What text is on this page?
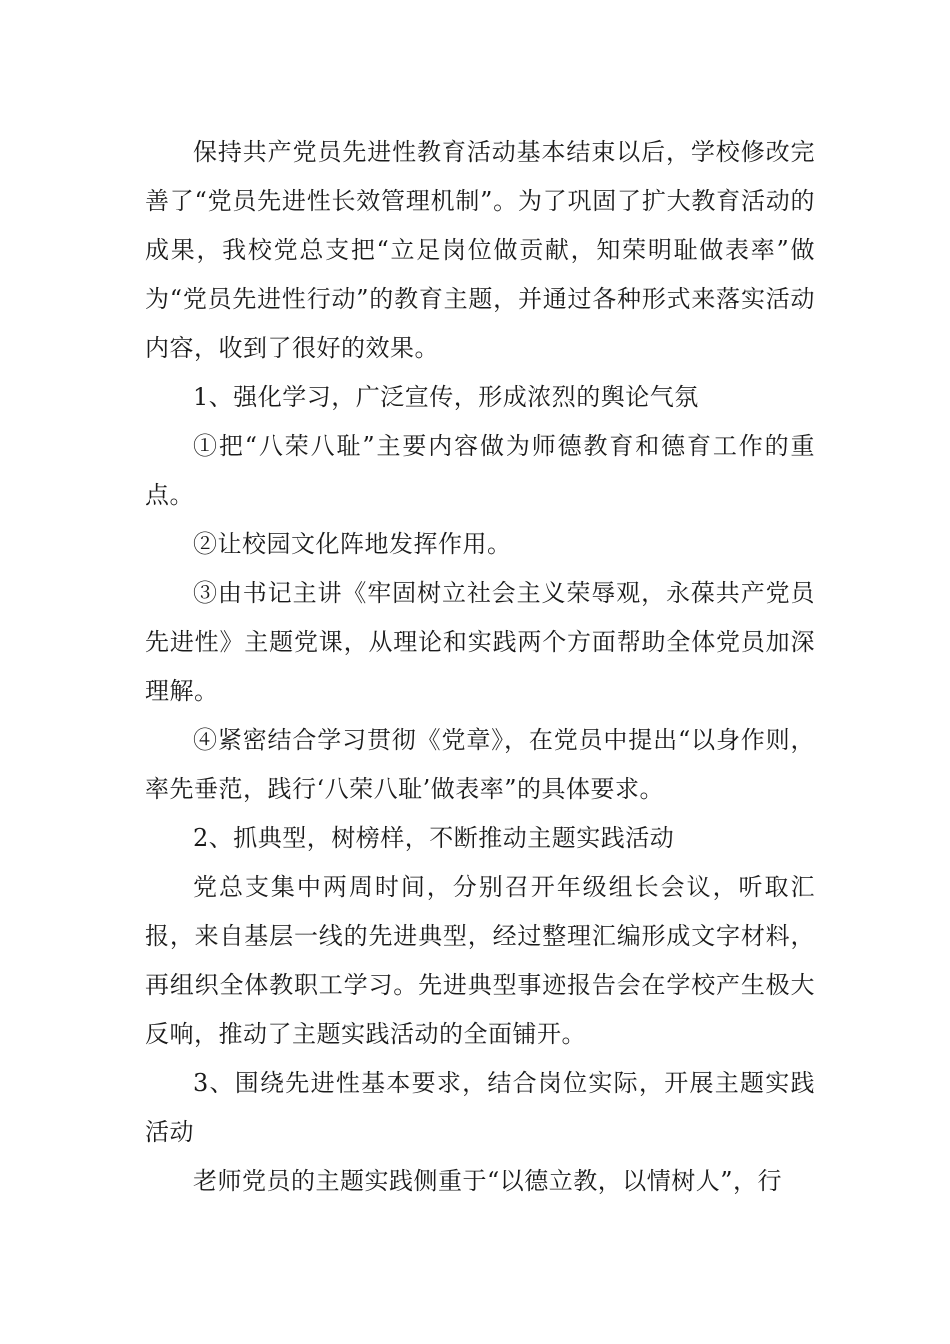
保持共产党员先进性教育活动基本结束以后，学校修改完善了“党员先进性长效管理机制”。为了巩固了扩大教育活动的成果，我校党总支把“立足岗位做贡献，知荣明耻做表率”做为“党员先进性行动”的教育主题，并通过各种形式来落实活动内容，收到了很好的效果。

1、强化学习，广泛宣传，形成浓烈的舆论气氛

①把“八荣八耻”主要内容做为师德教育和德育工作的重点。

②让校园文化阵地发挥作用。

③由书记主讲《牢固树立社会主义荣辱观，永葆共产党员先进性》主题党课，从理论和实践两个方面帮助全体党员加深理解。

④紧密结合学习贯彻《党章》，在党员中提出“以身作则，率先垂范，践行‘八荣八耻’做表率”的具体要求。

2、抓典型，树榜样，不断推动主题实践活动

党总支集中两周时间，分别召开年级组长会议，听取汇报，来自基层一线的先进典型，经过整理汇编形成文字材料，再组织全体教职工学习。先进典型事迹报告会在学校产生极大反响，推动了主题实践活动的全面铺开。

3、围绕先进性基本要求，结合岗位实际，开展主题实践活动

老师党员的主题实践侧重于“以德立教，以情树人”，行
